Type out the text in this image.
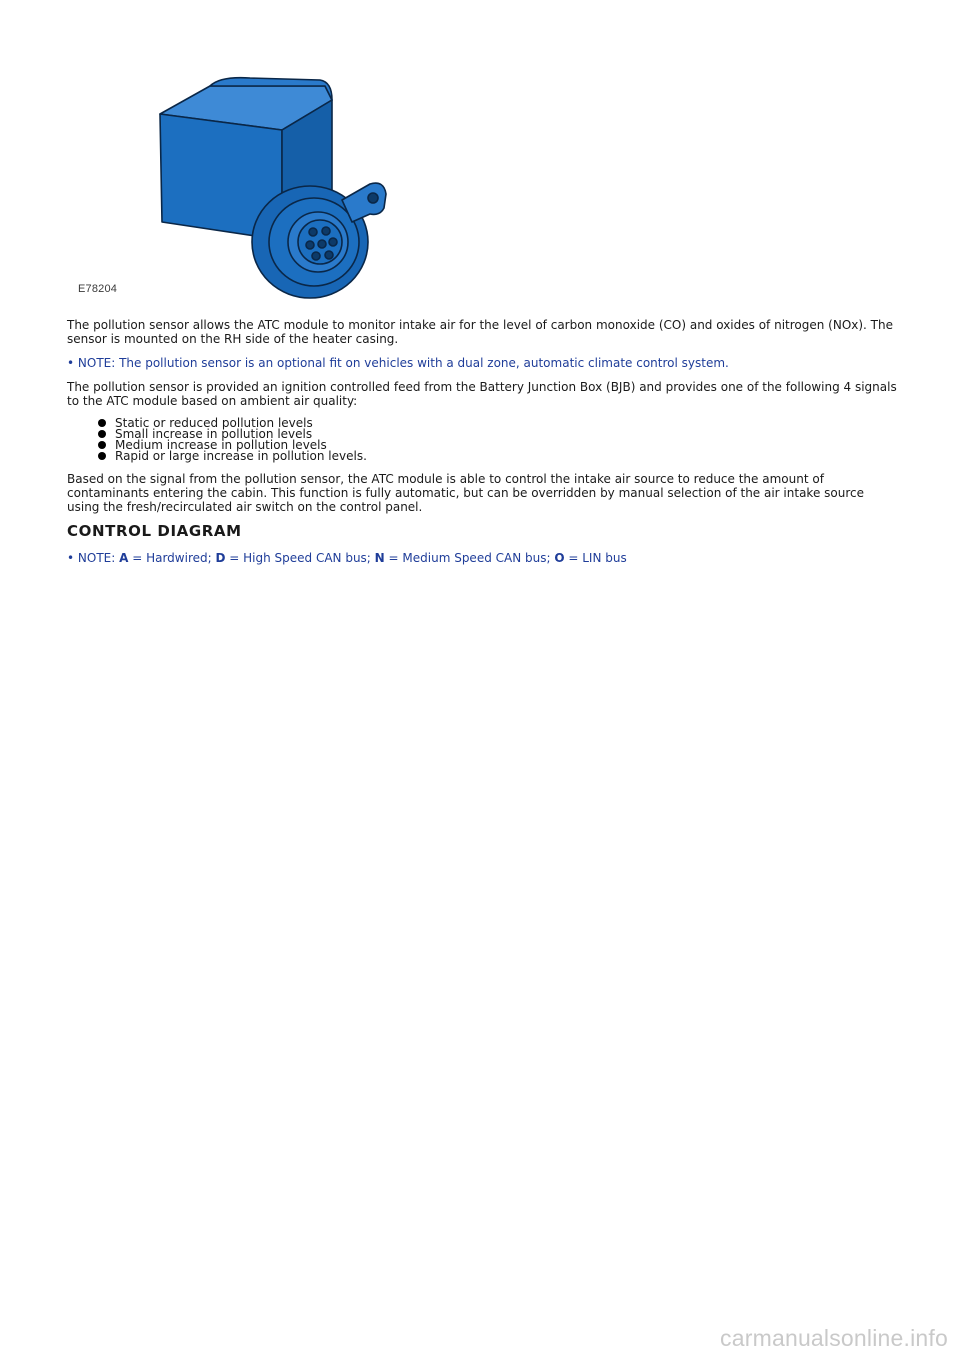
E78204

The pollution sensor allows the ATC module to monitor intake air for the level of carbon monoxide (CO) and oxides of nitrogen (NOx). The sensor is mounted on the RH side of the heater casing.

• NOTE: The pollution sensor is an optional fit on vehicles with a dual zone, automatic climate control system.

The pollution sensor is provided an ignition controlled feed from the Battery Junction Box (BJB) and provides one of the following 4 signals to the ATC module based on ambient air quality:

Static or reduced pollution levels
Small increase in pollution levels
Medium increase in pollution levels
Rapid or large increase in pollution levels.

Based on the signal from the pollution sensor, the ATC module is able to control the intake air source to reduce the amount of contaminants entering the cabin. This function is fully automatic, but can be overridden by manual selection of the air intake source using the fresh/recirculated air switch on the control panel.

CONTROL DIAGRAM

• NOTE: A = Hardwired; D = High Speed CAN bus; N = Medium Speed CAN bus; O = LIN bus

carmanualsonline.info
